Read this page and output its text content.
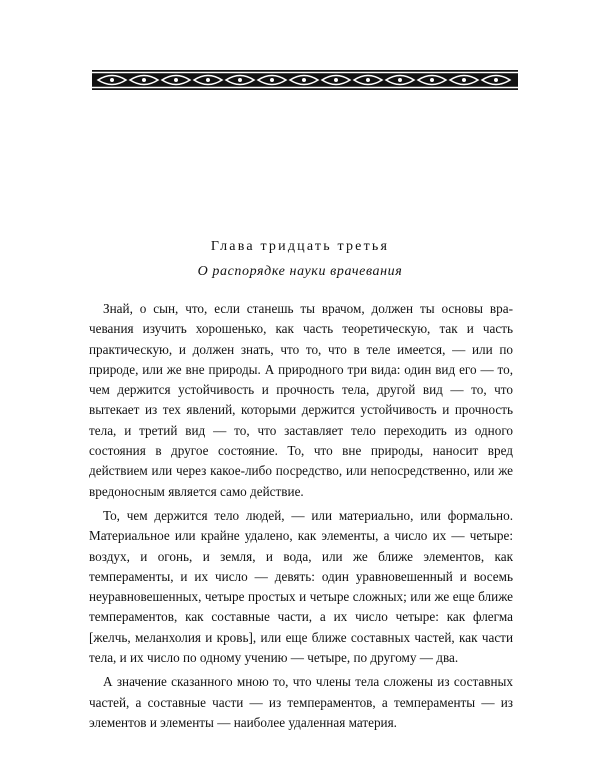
Глава тридцать третья
О распорядке науки врачевания

Знай, о сын, что, если станешь ты врачом, должен ты основы врачевания изучить хорошенько, как часть теоретическую, так и часть практическую, и должен знать, что то, что в теле имеется, — или по природе, или же вне природы. А природного три вида: один вид его — то, чем держится устойчивость и прочность тела, другой вид — то, что вытекает из тех явлений, которыми держится устойчивость и прочность тела, и третий вид — то, что заставляет тело переходить из одного состояния в другое состояние. То, что вне природы, наносит вред действием или через какое-либо посредство, или непосредственно, или же вредоносным является само действие.

То, чем держится тело людей, — или материально, или формально. Материальное или крайне удалено, как элементы, а число их — четыре: воздух, и огонь, и земля, и вода, или же ближе элементов, как темпераменты, и их число — девять: один уравновешенный и восемь неуравновешенных, четыре простых и четыре сложных; или же еще ближе темпераментов, как составные части, а их число четыре: как флегма [желчь, меланхолия и кровь], или еще ближе составных частей, как части тела, и их число по одному учению — четыре, по другому — два.

А значение сказанного мною то, что члены тела сложены из составных частей, а составные части — из темпераментов, а темпераменты — из элементов и элементы — наиболее удаленная материя.
